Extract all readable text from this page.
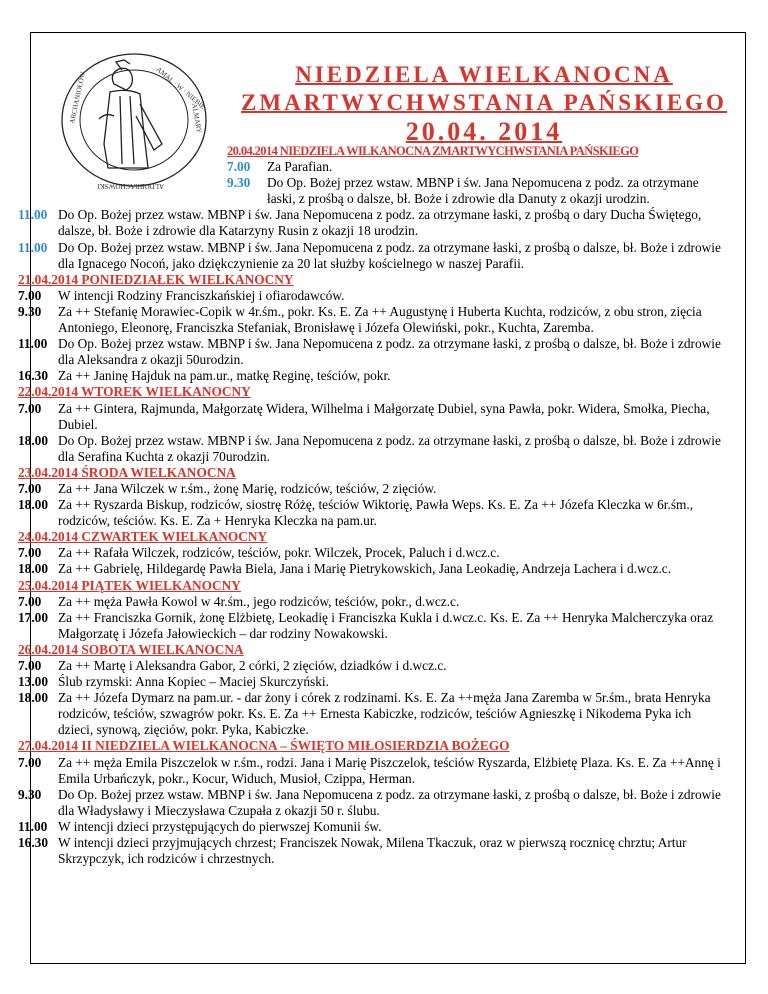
ARCHANIOŁÓW	AMAL · W · NIEBIE
ALMARY
ALDOBRACHOWSKI
NIEDZIELA WIELKANOCNA
ZMARTWYCHWSTANIA PAŃSKIEGO
20.04. 2014
20.04.2014 NIEDZIELA WILKANOCNA ZMARTWYCHWSTANIA PAŃSKIEGO
7.00	Za Parafian.
9.30	Do Op. Bożej przez wstaw. MBNP i św. Jana Nepomucena z podz. za otrzymane łaski, z prośbą o dalsze, bł. Boże i zdrowie dla Danuty z okazji urodzin.
11.00 Do Op. Bożej przez wstaw. MBNP i św. Jana Nepomucena z podz. za otrzymane łaski, z prośbą o dary Ducha Świętego, dalsze, bł. Boże i zdrowie dla Katarzyny Rusin z okazji 18 urodzin.
11.00 Do Op. Bożej przez wstaw. MBNP i św. Jana Nepomucena z podz. za otrzymane łaski, z prośbą o dalsze, bł. Boże i zdrowie dla Ignacego Nocoń, jako dziękczynienie za 20 lat służby kościelnego w naszej Parafii.
21.04.2014 PONIEDZIAŁEK WIELKANOCNY
7.00	W intencji Rodziny Franciszkańskiej i ofiarodawców.
9.30	Za ++ Stefanię Morawiec-Copik w 4r.śm., pokr. Ks. E. Za ++ Augustynę i Huberta Kuchta, rodziców, z obu stron, zięcia Antoniego, Eleonorę, Franciszka Stefaniak, Bronisławę i Józefa Olewiński, pokr., Kuchta, Zaremba.
11.00 Do Op. Bożej przez wstaw. MBNP i św. Jana Nepomucena z podz. za otrzymane łaski, z prośbą o dalsze, bł. Boże i zdrowie dla Aleksandra z okazji 50urodzin.
16.30 Za ++ Janinę Hajduk na pam.ur., matkę Reginę, teściów, pokr.
22.04.2014 WTOREK WIELKANOCNY
7.00	Za ++ Gintera, Rajmunda, Małgorzatę Widera, Wilhelma i Małgorzatę Dubiel, syna Pawła, pokr. Widera, Smołka, Piecha, Dubiel.
18.00 Do Op. Bożej przez wstaw. MBNP i św. Jana Nepomucena z podz. za otrzymane łaski, z prośbą o dalsze, bł. Boże i zdrowie dla Serafina Kuchta z okazji 70urodzin.
23.04.2014 ŚRODA WIELKANOCNA
7.00	Za ++ Jana Wilczek w r.śm., żonę Marię, rodziców, teściów, 2 zięciów.
18.00 Za ++ Ryszarda Biskup, rodziców, siostrę Różę, teściów Wiktorię, Pawła Weps. Ks. E. Za ++ Józefa Kleczka w 6r.śm., rodziców, teściów. Ks. E. Za + Henryka Kleczka na pam.ur.
24.04.2014 CZWARTEK WIELKANOCNY
7.00	Za ++ Rafała Wilczek, rodziców, teściów, pokr. Wilczek, Procek, Paluch i d.wcz.c.
18.00 Za ++ Gabrielę, Hildegardę Pawła Biela, Jana i Marię Pietrykowskich, Jana Leokadię, Andrzeja Lachera i d.wcz.c.
25.04.2014 PIĄTEK WIELKANOCNY
7.00	Za ++ męża Pawła Kowol w 4r.śm., jego rodziców, teściów, pokr., d.wcz.c.
17.00 Za ++ Franciszka Gornik, żonę Elżbietę, Leokadię i Franciszka Kukla i d.wcz.c. Ks. E. Za ++ Henryka Malcherczyka oraz Małgorzatę i Józefa Jałowieckich – dar rodziny Nowakowski.
26.04.2014 SOBOTA WIELKANOCNA
7.00	Za ++ Martę i Aleksandra Gabor, 2 córki, 2 zięciów, dziadków i d.wcz.c.
13.00 Ślub rzymski: Anna Kopiec – Maciej Skurczyński.
18.00 Za ++ Józefa Dymarz na pam.ur. - dar żony i córek z rodzinami. Ks. E. Za ++męża Jana Zaremba w 5r.śm., brata Henryka rodziców, teściów, szwagrów pokr. Ks. E. Za ++ Ernesta Kabiczke, rodziców, teściów Agnieszkę i Nikodema Pyka ich dzieci, synową, zięciów, pokr. Pyka, Kabiczke.
27.04.2014 II NIEDZIELA WIELKANOCNA – ŚWIĘTO MIŁOSIERDZIA BOŻEGO
7.00	Za ++ męża Emila Piszczelok w r.śm., rodzi. Jana i Marię Piszczelok, teściów Ryszarda, Elżbietę Plaza. Ks. E. Za ++Annę i Emila Urbańczyk, pokr., Kocur, Widuch, Musioł, Czippa, Herman.
9.30	Do Op. Bożej przez wstaw. MBNP i św. Jana Nepomucena z podz. za otrzymane łaski, z prośbą o dalsze, bł. Boże i zdrowie dla Władysławy i Mieczysława Czupała z okazji 50 r. ślubu.
11.00 W intencji dzieci przystępujących do pierwszej Komunii św.
16.30 W intencji dzieci przyjmujących chrzest; Franciszek Nowak, Milena Tkaczuk, oraz w pierwszą rocznicę chrztu; Artur Skrzypczyk, ich rodziców i chrzestnych.
